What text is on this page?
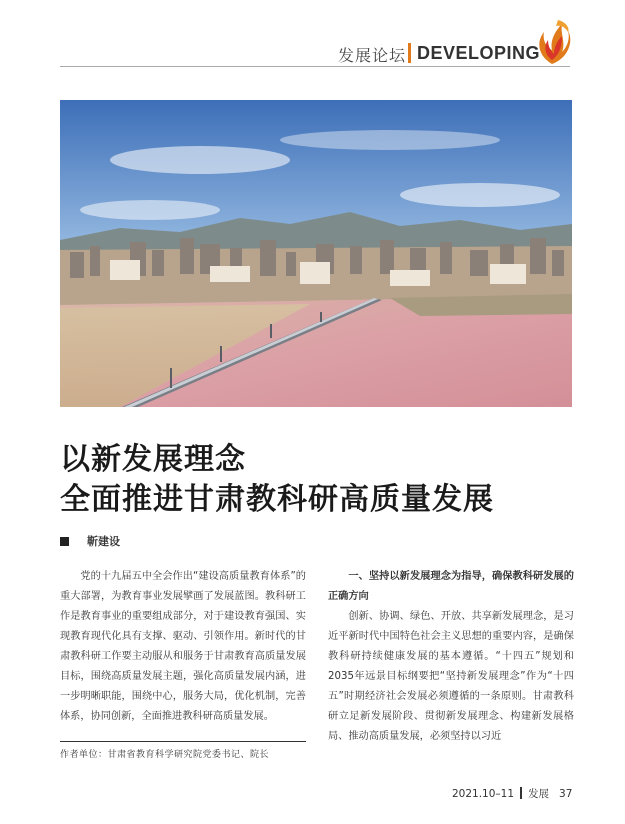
发展论坛 DEVELOPING
以新发展理念
全面推进甘肃教科研高质量发展
靳建设

党的十九届五中全会作出“建设高质量教育体系”的重大部署，为教育事业发展擘画了发展蓝图。教科研工作是教育事业的重要组成部分，对于建设教育强国、实现教育现代化具有支撑、驱动、引领作用。新时代的甘肃教科研工作要主动服从和服务于甘肃教育高质量发展目标，围绕高质量发展主题，强化高质量发展内涵，进一步明晰职能，围绕中心，服务大局，优化机制，完善体系，协同创新，全面推进教科研高质量发展。

一、坚持以新发展理念为指导，确保教科研发展的正确方向

创新、协调、绿色、开放、共享新发展理念，是习近平新时代中国特色社会主义思想的重要内容，是确保教科研持续健康发展的基本遵循。“十四五”规划和2035年远景目标纲要把“坚持新发展理念”作为“十四五”时期经济社会发展必须遵循的一条原则。甘肃教科研立足新发展阶段、贯彻新发展理念、构建新发展格局、推动高质量发展，必须坚持以习近

作者单位：甘肃省教育科学研究院党委书记、院长
2021.10–11 发展 37
